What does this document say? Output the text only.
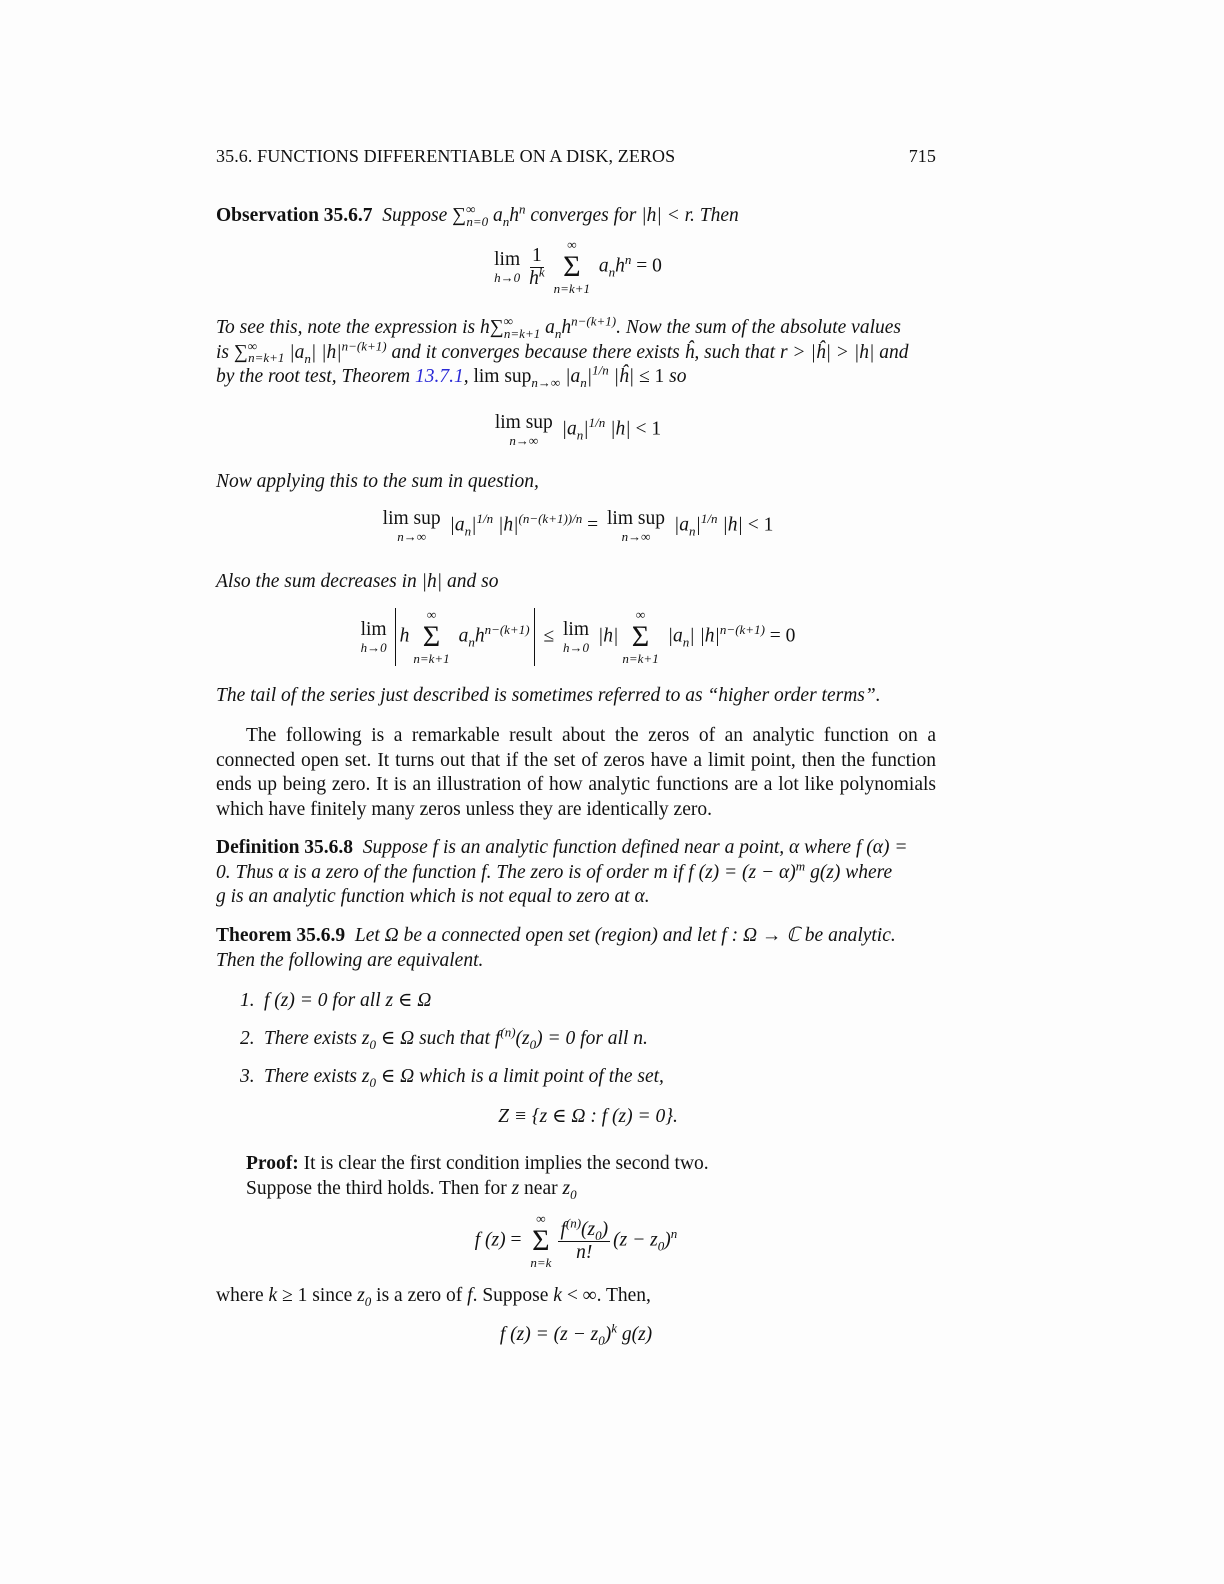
35.6. FUNCTIONS DIFFERENTIABLE ON A DISK, ZEROS	715
Observation 35.6.7  Suppose $\sum^\infty_{n=0}$ $a_nh^n$ converges for |h| < r. Then
lim
$h\to 0 \frac{1}{h^k}$ ∞
Σ
n=k+1
$a_nh^n = 0$
To see this, note the expression is $h\sum^\infty_{n=k+1}$ $a_nh^{n-(k+1)}$. Now the sum of the absolute values
is $\sum^\infty_{n=k+1}$ $|a_n|$ $|h|^{n-(k+1)}$ and it converges because there exists ĥ, such that r > |ĥ| > |h| and
by the root test, Theorem 13.7.1, lim sup$_{n\to\infty}$ $|a_n|^{1/n}$ |ĥ| ≤ 1 so
lim sup
n→∞
$|a_n|^{1/n}$ |h| < 1
Now applying this to the sum in question,
lim sup
n→∞
$|a_n|^{1/n}$ $|h|^{(n-(k+1))/n} = \lim$ sup
n→∞
$|a_n|^{1/n}$ |h| < 1
Also the sum decreases in |h| and so
lim
h→0
h
∞
Σ
n=k+1
$a_nh^{n-(k+1)} \le \lim$
h→0
|h|
∞
Σ
n=k+1
$|a_n|$ $|h|^{n-(k+1)} = 0$
The tail of the series just described is sometimes referred to as “higher order terms”.
The following is a remarkable result about the zeros of an analytic function on a connected open set. It turns out that if the set of zeros have a limit point, then the function ends up being zero. It is an illustration of how analytic functions are a lot like polynomials which have finitely many zeros unless they are identically zero.
Definition 35.6.8  Suppose f is an analytic function defined near a point, α where f (α) =
0. Thus α is a zero of the function f. The zero is of order m if f $(z) = (z - \alpha)^m$ g(z) where
g is an analytic function which is not equal to zero at α.
Theorem 35.6.9  Let Ω be a connected open set (region) and let f : Ω → ℂ be analytic.
Then the following are equivalent.
1. f (z) = 0 for all z ∈ Ω
2. There exists $z_0$ ∈ Ω such that $f^{(n)}(z_0) = 0$ for all n.
3. There exists $z_0$ ∈ Ω which is a limit point of the set,
Z ≡ {z ∈ Ω : f (z) = 0}.
Proof: It is clear the first condition implies the second two.
Suppose the third holds. Then for z near $z_0$
f (z) =
∞
Σ
$n=k \frac{f^{(n)}(z_0)}{n!} (z - z_0)^n$
where k ≥ 1 since $z_0$ is a zero of f. Suppose k < ∞. Then,
f $(z) = (z - z_0)^k$ g(z)
